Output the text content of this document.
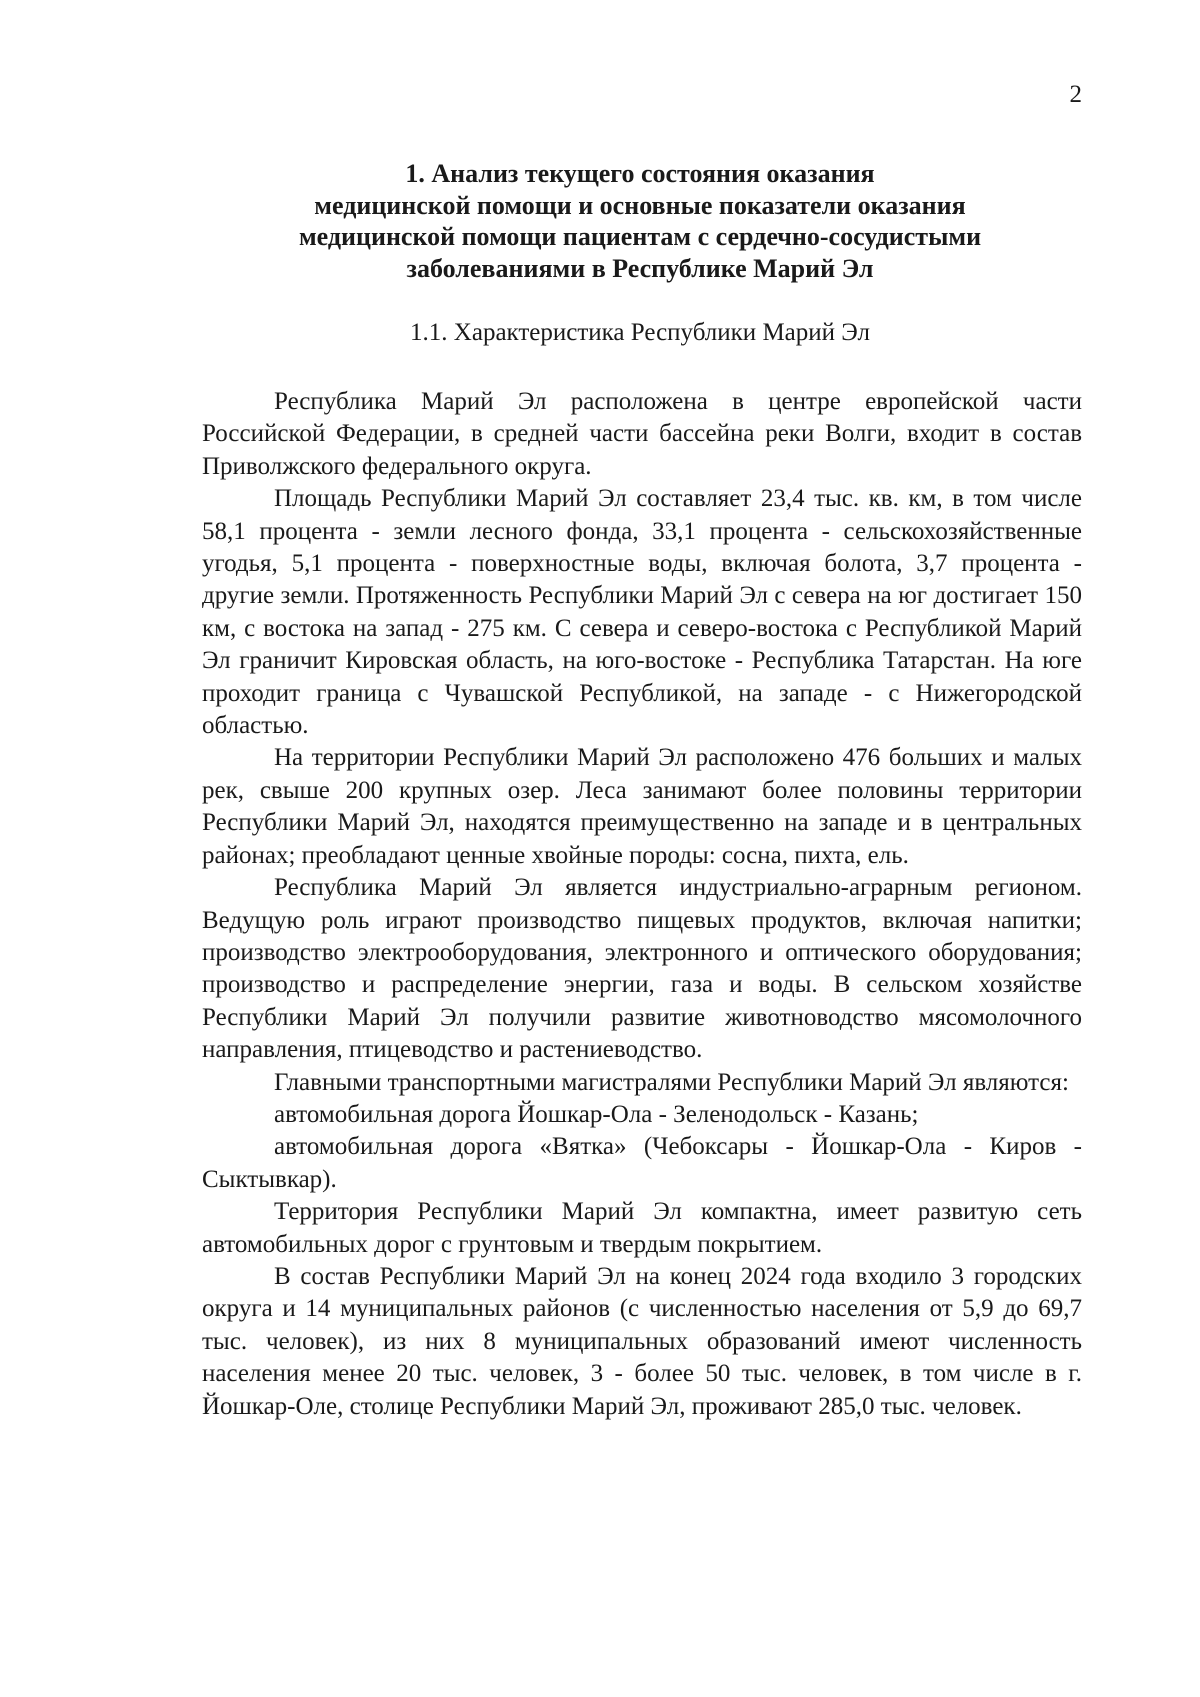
2
1. Анализ текущего состояния оказания
медицинской помощи и основные показатели оказания
медицинской помощи пациентам с сердечно-сосудистыми
заболеваниями в Республике Марий Эл
1.1. Характеристика Республики Марий Эл

Республика Марий Эл расположена в центре европейской части Российской Федерации, в средней части бассейна реки Волги, входит в состав Приволжского федерального округа.

Площадь Республики Марий Эл составляет 23,4 тыс. кв. км, в том числе 58,1 процента - земли лесного фонда, 33,1 процента - сельскохозяйственные угодья, 5,1 процента - поверхностные воды, включая болота, 3,7 процента - другие земли. Протяженность Республики Марий Эл с севера на юг достигает 150 км, с востока на запад - 275 км. С севера и северо-востока с Республикой Марий Эл граничит Кировская область, на юго-востоке - Республика Татарстан. На юге проходит граница с Чувашской Республикой, на западе - с Нижегородской областью.

На территории Республики Марий Эл расположено 476 больших и малых рек, свыше 200 крупных озер. Леса занимают более половины территории Республики Марий Эл, находятся преимущественно на западе и в центральных районах; преобладают ценные хвойные породы: сосна, пихта, ель.

Республика Марий Эл является индустриально-аграрным регионом. Ведущую роль играют производство пищевых продуктов, включая напитки; производство электрооборудования, электронного и оптического оборудования; производство и распределение энергии, газа и воды. В сельском хозяйстве Республики Марий Эл получили развитие животноводство мясомолочного направления, птицеводство и растениеводство.

Главными транспортными магистралями Республики Марий Эл являются:

автомобильная дорога Йошкар-Ола - Зеленодольск - Казань;

автомобильная дорога «Вятка» (Чебоксары - Йошкар-Ола - Киров - Сыктывкар).

Территория Республики Марий Эл компактна, имеет развитую сеть автомобильных дорог с грунтовым и твердым покрытием.

В состав Республики Марий Эл на конец 2024 года входило 3 городских округа и 14 муниципальных районов (с численностью населения от 5,9 до 69,7 тыс. человек), из них 8 муниципальных образований имеют численность населения менее 20 тыс. человек, 3 - более 50 тыс. человек, в том числе в г. Йошкар-Оле, столице Республики Марий Эл, проживают 285,0 тыс. человек.
